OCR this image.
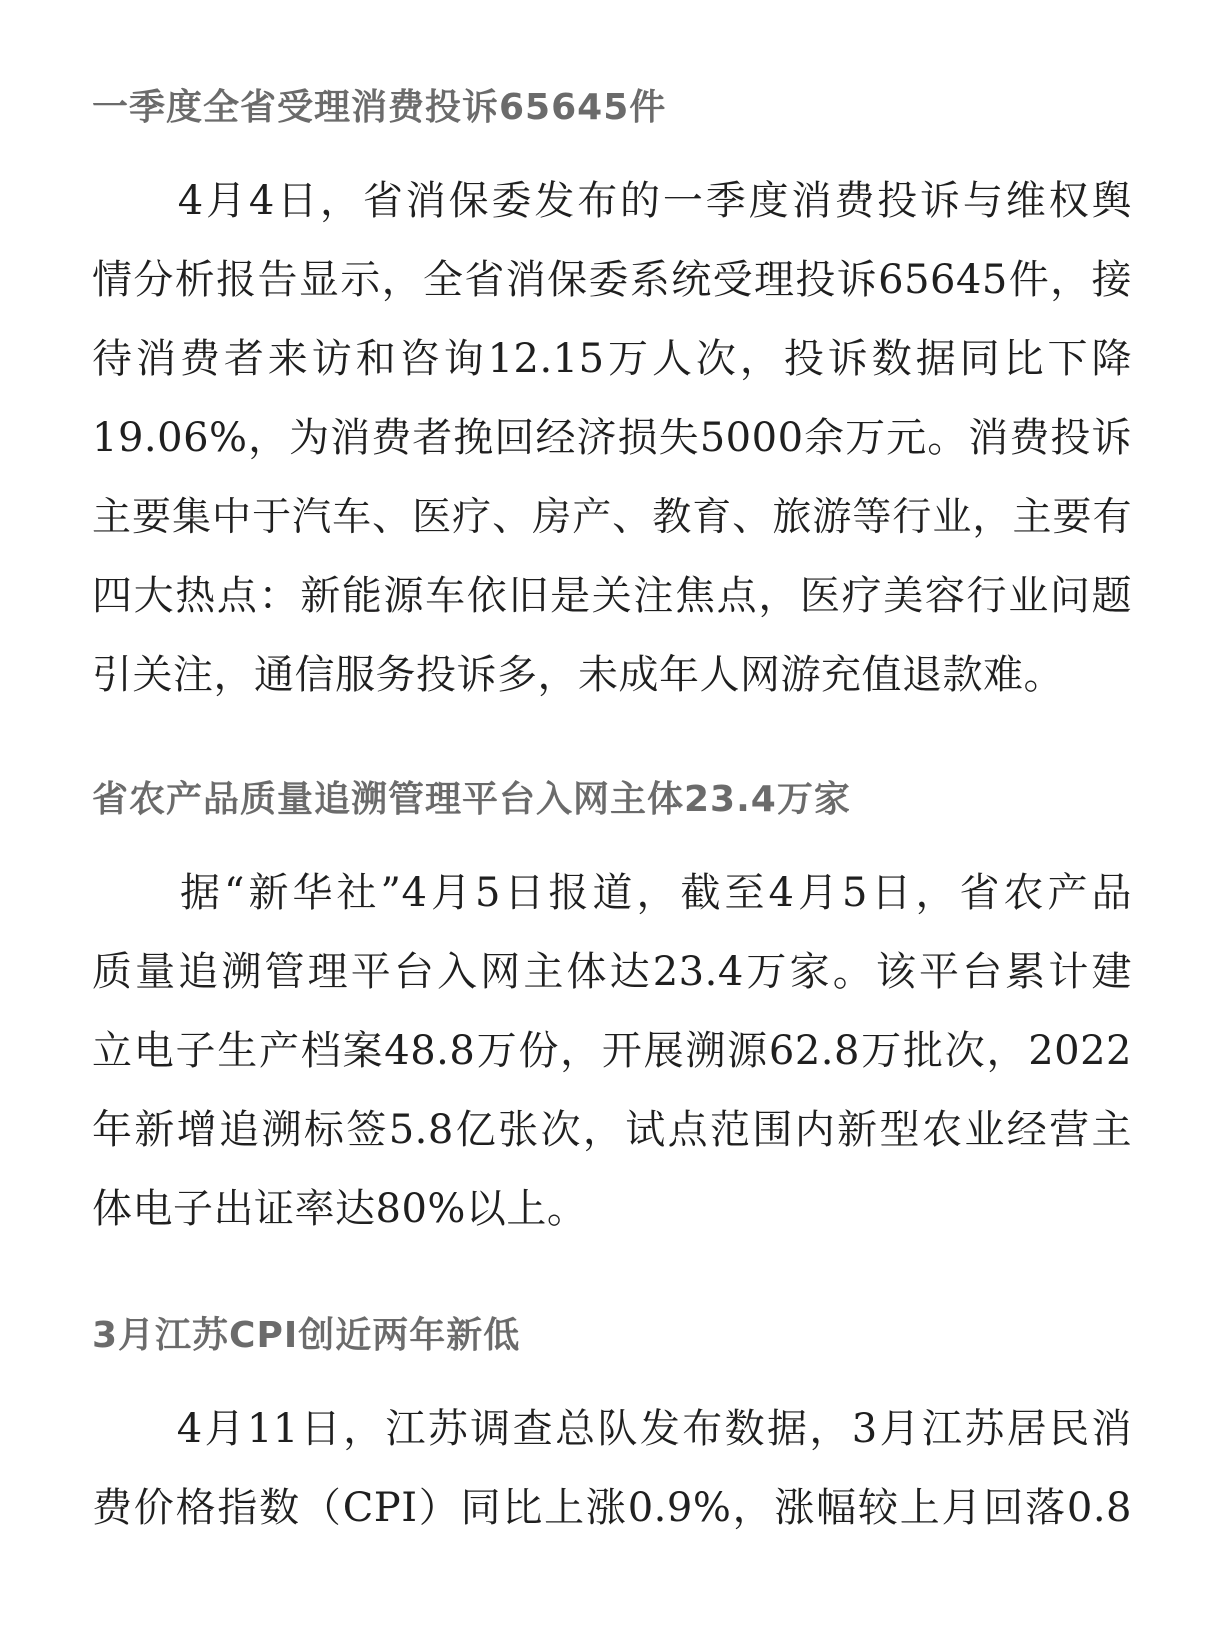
一季度全省受理消费投诉65645件
　　4月4日，省消保委发布的一季度消费投诉与维权舆
情分析报告显示，全省消保委系统受理投诉65645件，接
待消费者来访和咨询12.15万人次，投诉数据同比下降
19.06%，为消费者挽回经济损失5000余万元。消费投诉
主要集中于汽车、医疗、房产、教育、旅游等行业，主要有
四大热点：新能源车依旧是关注焦点，医疗美容行业问题
引关注，通信服务投诉多，未成年人网游充值退款难。
省农产品质量追溯管理平台入网主体23.4万家
　　据“新华社”4月5日报道，截至4月5日，省农产品
质量追溯管理平台入网主体达23.4万家。该平台累计建
立电子生产档案48.8万份，开展溯源62.8万批次，2022
年新增追溯标签5.8亿张次，试点范围内新型农业经营主
体电子出证率达80%以上。
3月江苏CPI创近两年新低
　　4月11日，江苏调查总队发布数据，3月江苏居民消
费价格指数（CPI）同比上涨0.9%，涨幅较上月回落0.8
